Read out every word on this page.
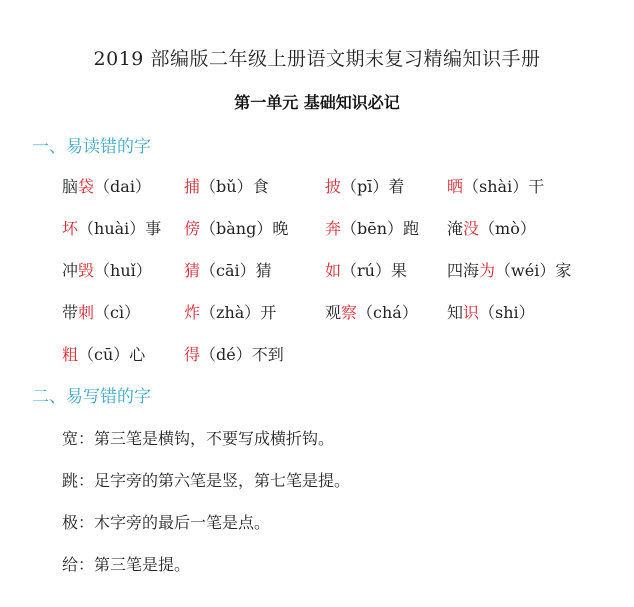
2019 部编版二年级上册语文期末复习精编知识手册
第一单元 基础知识必记
一、易读错的字
脑袋（dai） 捕（bǔ）食	披（pī）着	晒（shài）干
坏（huài）事 傍（bàng）晚 奔（bēn）跑 淹没（mò）
冲毁（huǐ） 猜（cāi）猜	如（rú）果	四海为（wéi）家
带刺（cì）	炸（zhà）开	观察（chá） 知识（shi）
粗（cū）心 得（dé）不到
二、易写错的字
宽：第三笔是横钩，不要写成横折钩。
跳：足字旁的第六笔是竖，第七笔是提。
极：木字旁的最后一笔是点。
给：第三笔是提。
